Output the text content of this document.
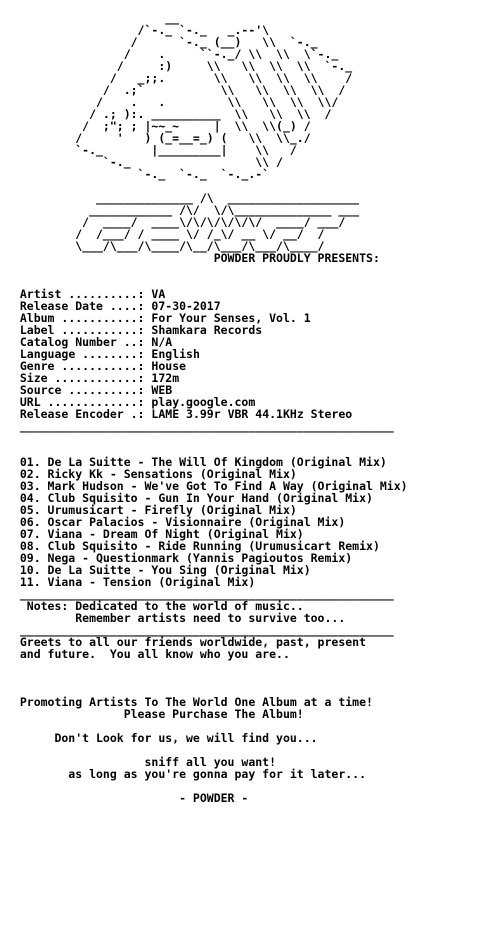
__
/`-._ `-._   _.--'\
/      `-._ (__)   \\  `-._
/    .     ``-._/ \\  \\  \`-._
/     :)     \\   \\  \\  \\  `-._
/   _;;.       \\   \\  \\  \\    /
/  .;`           \\   \\  \\  \\  /
/    .   .         \\   \\  \\  \\/
/ .; ):. __________  \\   \\  \\  /
/  ;"; ; |~~_~     |  \\  \\(_) /
/     '   ) (_=__=_) (   \\  \\_./
`-._       |_________|    \\   /
`-._                  \\ /
`-._  `-._  `-._.-`
______________ /\  ___________________
____________ /\/  \/\______________ ___
/  ____/  ____\/\/\/\/\/\/  ____/ ___/
/  /___/ / ____ \/ /_\/ __ \/ __/  /
\___/\___/\____/\__/\___/\___/\____/
POWDER PROUDLY PRESENTS:
Artist ..........: VA
Release Date ....: 07-30-2017
Album ...........: For Your Senses, Vol. 1
Label ...........: Shamkara Records
Catalog Number ..: N/A
Language ........: English
Genre ...........: House
Size ............: 172m
Source ..........: WEB
URL .............: play.google.com
Release Encoder .: LAME 3.99r VBR 44.1KHz Stereo
______________________________________________________
01. De La Suitte - The Will Of Kingdom (Original Mix)
02. Ricky Kk - Sensations (Original Mix)
03. Mark Hudson - We've Got To Find A Way (Original Mix)
04. Club Squisito - Gun In Your Hand (Original Mix)
05. Urumusicart - Firefly (Original Mix)
06. Oscar Palacios - Visionnaire (Original Mix)
07. Viana - Dream Of Night (Original Mix)
08. Club Squisito - Ride Running (Urumusicart Remix)
09. Nega - Questionmark (Yannis Pagioutos Remix)
10. De La Suitte - You Sing (Original Mix)
11. Viana - Tension (Original Mix)
______________________________________________________
Notes: Dedicated to the world of music..
Remember artists need to survive too...
______________________________________________________
Greets to all our friends worldwide, past, present
and future.  You all know who you are..
Promoting Artists To The World One Album at a time!
Please Purchase The Album!
Don't Look for us, we will find you...
sniff all you want!
as long as you're gonna pay for it later...
- POWDER -
